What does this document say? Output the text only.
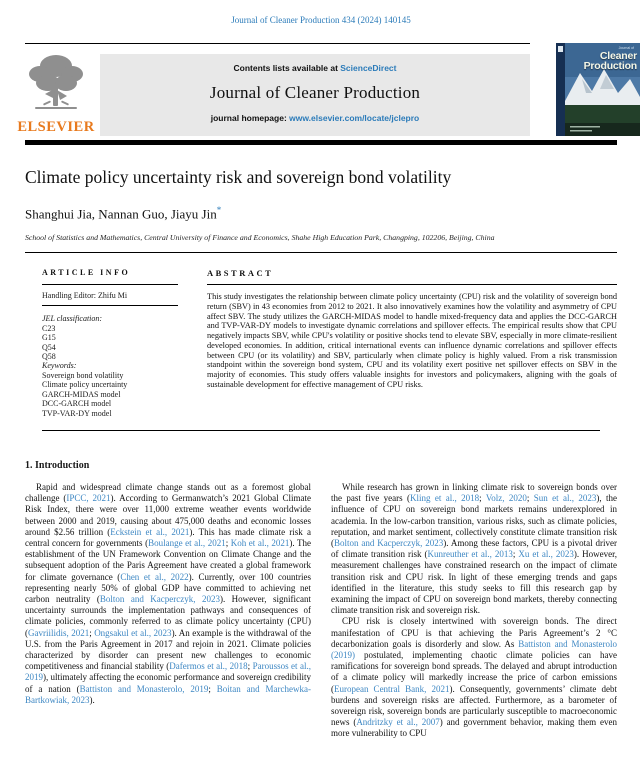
Journal of Cleaner Production 434 (2024) 140145
ELSEVIER
Contents lists available at ScienceDirect
Journal of Cleaner Production
journal homepage: www.elsevier.com/locate/jclepro
Journal of
Cleaner Production
Climate policy uncertainty risk and sovereign bond volatility
Shanghui Jia, Nannan Guo, Jiayu Jin*
School of Statistics and Mathematics, Central University of Finance and Economics, Shahe High Education Park, Changping, 102206, Beijing, China
ARTICLE INFO
Handling Editor: Zhifu Mi
JEL classification:
C23
G15
Q54
Q58
Keywords:
Sovereign bond volatility
Climate policy uncertainty
GARCH-MIDAS model
DCC-GARCH model
TVP-VAR-DY model
ABSTRACT
This study investigates the relationship between climate policy uncertainty (CPU) risk and the volatility of sovereign bond return (SBV) in 43 economies from 2012 to 2021. It also innovatively examines how the volatility and asymmetry of CPU affect SBV. The study utilizes the GARCH-MIDAS model to handle mixed-frequency data and applies the DCC-GARCH and TVP-VAR-DY models to investigate dynamic correlations and spillover effects. The empirical results show that CPU negatively impacts SBV, while CPU's volatility or positive shocks tend to elevate SBV, especially in more climate-resilient developed economies. In addition, critical international events can influence dynamic correlations and spillover effects between CPU (or its volatility) and SBV, particularly when climate policy is highly valued. From a risk transmission standpoint within the sovereign bond system, CPU and its volatility exert positive net spillover effects on SBV in the majority of economies. This study offers valuable insights for investors and policymakers, aligning with the goals of sustainable development for effective management of CPU risks.
1. Introduction

Rapid and widespread climate change stands out as a foremost global challenge (IPCC, 2021). According to Germanwatch’s 2021 Global Climate Risk Index, there were over 11,000 extreme weather events worldwide between 2000 and 2019, causing about 475,000 deaths and economic losses around $2.56 trillion (Eckstein et al., 2021). This has made climate risk a central concern for governments (Boulange et al., 2021; Koh et al., 2021). The establishment of the UN Framework Convention on Climate Change and the subsequent adoption of the Paris Agreement have created a global framework for climate governance (Chen et al., 2022). Currently, over 100 countries representing nearly 50% of global GDP have committed to achieving net carbon neutrality (Bolton and Kacperczyk, 2023). However, significant uncertainty surrounds the implementation pathways and consequences of climate policies, commonly referred to as climate policy uncertainty (CPU) (Gavriilidis, 2021; Ongsakul et al., 2023). An example is the withdrawal of the U.S. from the Paris Agreement in 2017 and rejoin in 2021. Climate policies characterized by disorder can present new challenges to economic competitiveness and financial stability (Dafermos et al., 2018; Paroussos et al., 2019), ultimately affecting the economic performance and sovereign credibility of a nation (Battiston and Monasterolo, 2019; Boitan and Marchewka-Bartkowiak, 2023).

While research has grown in linking climate risk to sovereign bonds over the past five years (Kling et al., 2018; Volz, 2020; Sun et al., 2023), the influence of CPU on sovereign bond markets remains underexplored in academia. In the low-carbon transition, various risks, such as climate policies, reputation, and market sentiment, collectively constitute climate transition risk (Bolton and Kacperczyk, 2023). Among these factors, CPU is a pivotal driver of climate transition risk (Kunreuther et al., 2013; Xu et al., 2023). However, measurement challenges have constrained research on the impact of climate transition risk and CPU risk. In light of these emerging trends and gaps identified in the literature, this study seeks to fill this research gap by examining the impact of CPU on sovereign bond markets, thereby connecting climate transition risk and sovereign risk.

CPU risk is closely intertwined with sovereign bonds. The direct manifestation of CPU is that achieving the Paris Agreement’s 2 °C decarbonization goals is disorderly and slow. As Battiston and Monasterolo (2019) postulated, implementing chaotic climate policies can have ramifications for sovereign bond spreads. The delayed and abrupt introduction of a climate policy will markedly increase the price of carbon emissions (European Central Bank, 2021). Consequently, governments’ climate debt burdens and sovereign risks are affected. Furthermore, as a barometer of sovereign risk, sovereign bonds are particularly susceptible to macroeconomic news (Andritzky et al., 2007) and government behavior, making them even more vulnerability to CPU
